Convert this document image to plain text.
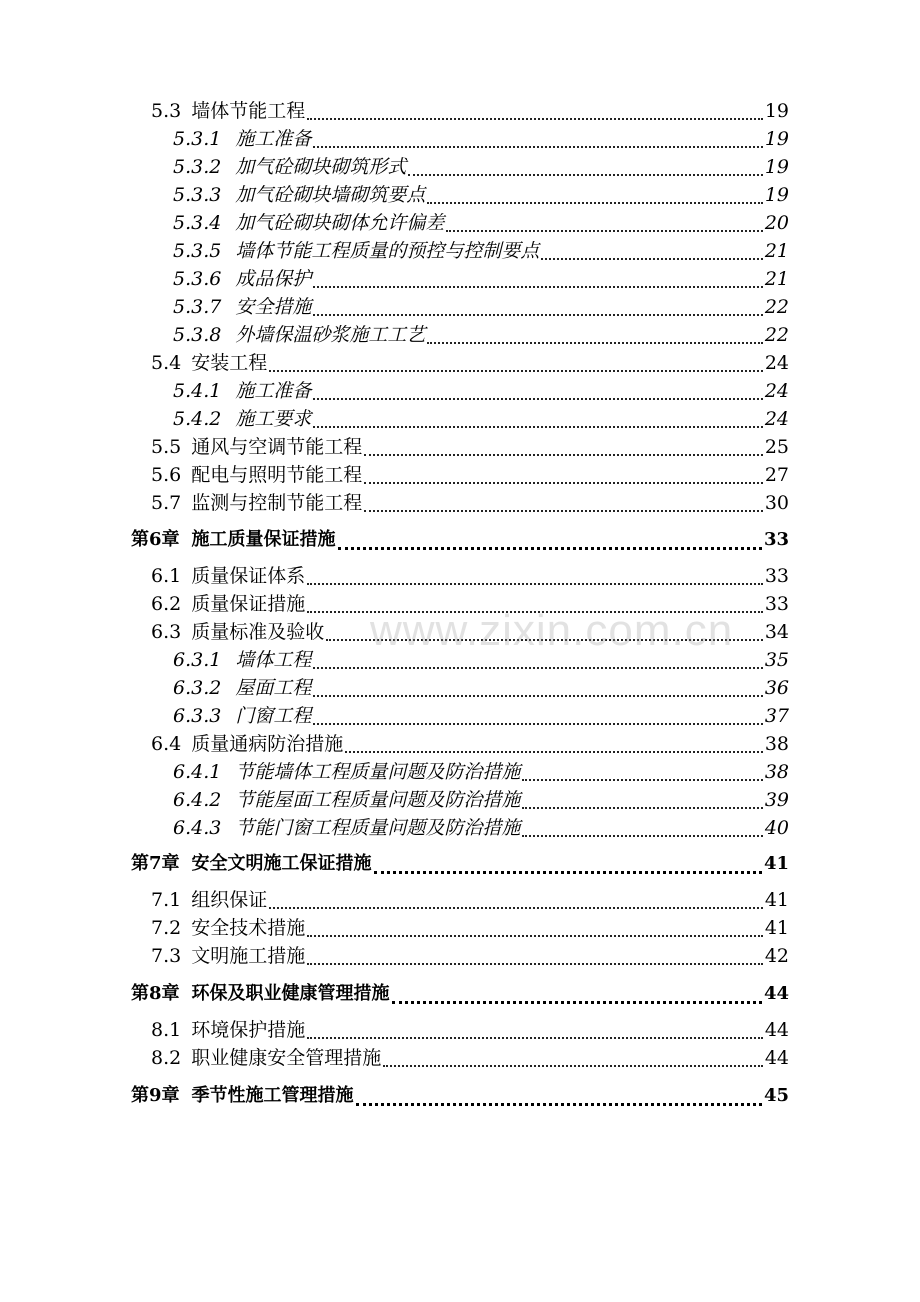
5.3 墙体节能工程	19
5.3.1 施工准备	19
5.3.2 加气砼砌块砌筑形式	19
5.3.3 加气砼砌块墙砌筑要点	19
5.3.4 加气砼砌块砌体允许偏差	20
5.3.5 墙体节能工程质量的预控与控制要点	21
5.3.6 成品保护	21
5.3.7 安全措施	22
5.3.8 外墙保温砂浆施工工艺	22
5.4 安装工程	24
5.4.1 施工准备	24
5.4.2 施工要求	24
5.5 通风与空调节能工程	25
5.6 配电与照明节能工程	27
5.7 监测与控制节能工程	30
第6章 施工质量保证措施	33
6.1 质量保证体系	33
6.2 质量保证措施	33
6.3 质量标准及验收	34
6.3.1 墙体工程	35
6.3.2 屋面工程	36
6.3.3 门窗工程	37
6.4 质量通病防治措施	38
6.4.1 节能墙体工程质量问题及防治措施	38
6.4.2 节能屋面工程质量问题及防治措施	39
6.4.3 节能门窗工程质量问题及防治措施	40
第7章 安全文明施工保证措施	41
7.1 组织保证	41
7.2 安全技术措施	41
7.3 文明施工措施	42
第8章 环保及职业健康管理措施	44
8.1 环境保护措施	44
8.2 职业健康安全管理措施	44
第9章 季节性施工管理措施	45
www.zixin.com.cn
